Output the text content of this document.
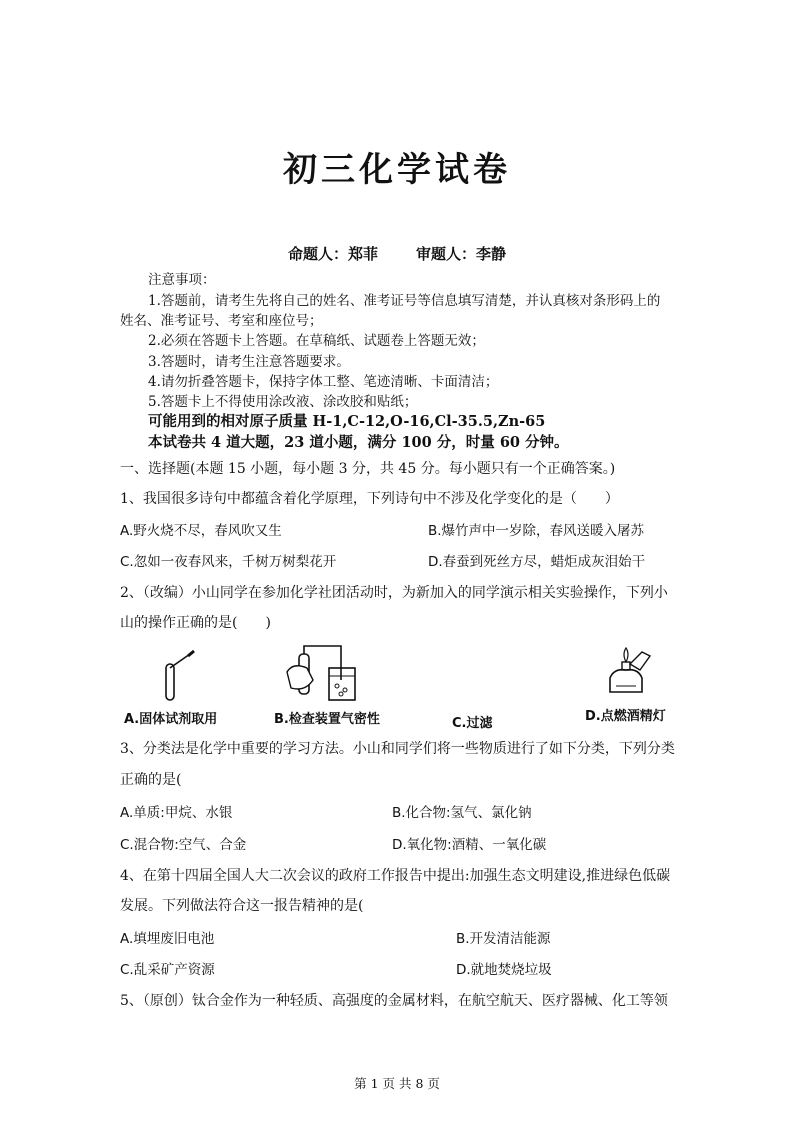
初三化学试卷
命题人：郑菲	审题人：李静
注意事项：
1.答题前，请考生先将自己的姓名、准考证号等信息填写清楚，并认真核对条形码上的
姓名、准考证号、考室和座位号；
2.必须在答题卡上答题。在草稿纸、试题卷上答题无效；
3.答题时，请考生注意答题要求。
4.请勿折叠答题卡，保持字体工整、笔迹清晰、卡面清洁；
5.答题卡上不得使用涂改液、涂改胶和贴纸；
可能用到的相对原子质量 H-1,C-12,O-16,Cl-35.5,Zn-65
本试卷共 4 道大题，23 道小题，满分 100 分，时量 60 分钟。
一、选择题(本题 15 小题，每小题 3 分，共 45 分。每小题只有一个正确答案。)
1、我国很多诗句中都蕴含着化学原理，下列诗句中不涉及化学变化的是（　　）
A.野火烧不尽，春风吹又生	B.爆竹声中一岁除，春风送暖入屠苏
C.忽如一夜春风来，千树万树梨花开	D.春蚕到死丝方尽，蜡炬成灰泪始干
2、（改编）小山同学在参加化学社团活动时，为新加入的同学演示相关实验操作，下列小
山的操作正确的是(　　)
A.固体试剂取用	B.检查装置气密性	C.过滤	D.点燃酒精灯
3、分类法是化学中重要的学习方法。小山和同学们将一些物质进行了如下分类，下列分类
正确的是(
A.单质:甲烷、水银	B.化合物:氢气、氯化钠
C.混合物:空气、合金	D.氧化物:酒精、一氧化碳
4、在第十四届全国人大二次会议的政府工作报告中提出:加强生态文明建设,推进绿色低碳
发展。下列做法符合这一报告精神的是(
A.填埋废旧电池	B.开发清洁能源
C.乱采矿产资源	D.就地焚烧垃圾
5、（原创）钛合金作为一种轻质、高强度的金属材料，在航空航天、医疗器械、化工等领
第 1 页 共 8 页
